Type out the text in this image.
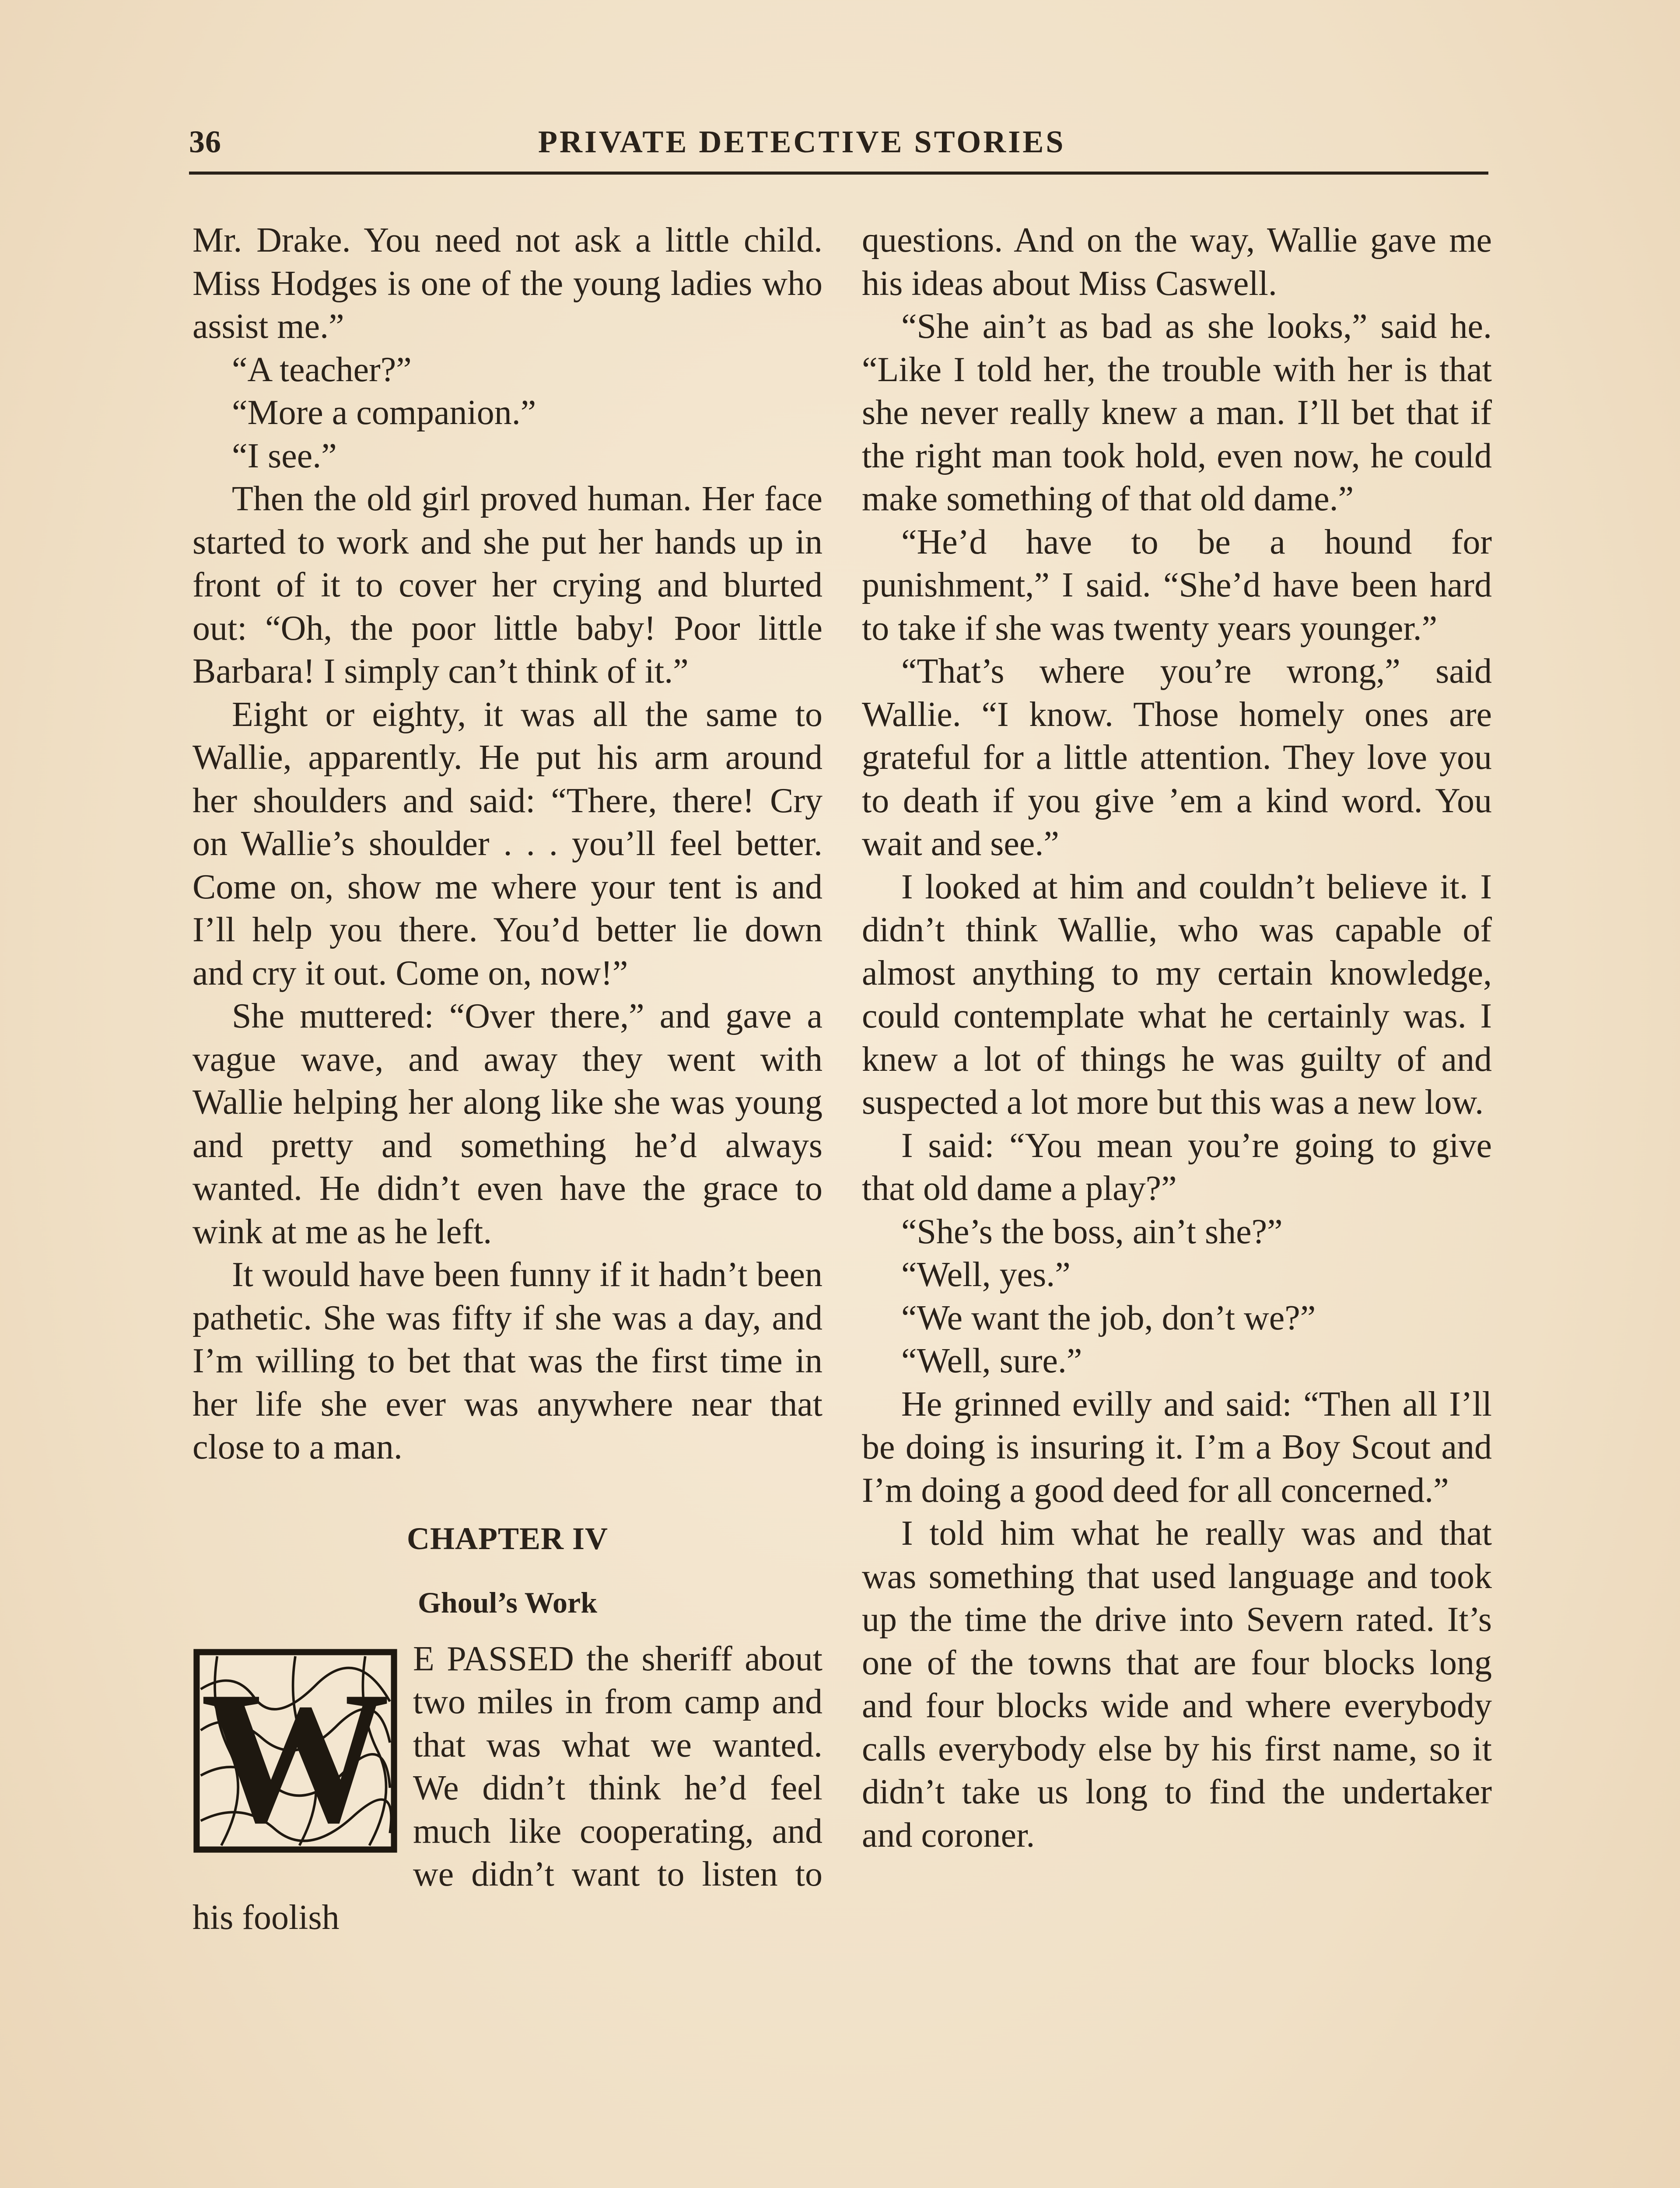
36	PRIVATE DETECTIVE STORIES

Mr. Drake. You need not ask a little child. Miss Hodges is one of the young ladies who assist me.”

“A teacher?”

“More a companion.”

“I see.”

Then the old girl proved human. Her face started to work and she put her hands up in front of it to cover her crying and blurted out: “Oh, the poor little baby! Poor little Barbara! I simply can’t think of it.”

Eight or eighty, it was all the same to Wallie, apparently. He put his arm around her shoulders and said: “There, there! Cry on Wallie’s shoulder . . . you’ll feel better. Come on, show me where your tent is and I’ll help you there. You’d better lie down and cry it out. Come on, now!”

She muttered: “Over there,” and gave a vague wave, and away they went with Wallie helping her along like she was young and pretty and something he’d always wanted. He didn’t even have the grace to wink at me as he left.

It would have been funny if it hadn’t been pathetic. She was fifty if she was a day, and I’m willing to bet that was the first time in her life she ever was anywhere near that close to a man.

CHAPTER IV
Ghoul’s Work
W E PASSED the sheriff about two miles in from camp and that was what we wanted. We didn’t think he’d feel much like cooperating, and we didn’t want to listen to his foolish

questions. And on the way, Wallie gave me his ideas about Miss Caswell.

“She ain’t as bad as she looks,” said he. “Like I told her, the trouble with her is that she never really knew a man. I’ll bet that if the right man took hold, even now, he could make something of that old dame.”

“He’d have to be a hound for punishment,” I said. “She’d have been hard to take if she was twenty years younger.”

“That’s where you’re wrong,” said Wallie. “I know. Those homely ones are grateful for a little attention. They love you to death if you give ’em a kind word. You wait and see.”

I looked at him and couldn’t believe it. I didn’t think Wallie, who was capable of almost anything to my certain knowledge, could contemplate what he certainly was. I knew a lot of things he was guilty of and suspected a lot more but this was a new low.

I said: “You mean you’re going to give that old dame a play?”

“She’s the boss, ain’t she?”

“Well, yes.”

“We want the job, don’t we?”

“Well, sure.”

He grinned evilly and said: “Then all I’ll be doing is insuring it. I’m a Boy Scout and I’m doing a good deed for all concerned.”

I told him what he really was and that was something that used language and took up the time the drive into Severn rated. It’s one of the towns that are four blocks long and four blocks wide and where everybody calls everybody else by his first name, so it didn’t take us long to find the undertaker and coroner.
